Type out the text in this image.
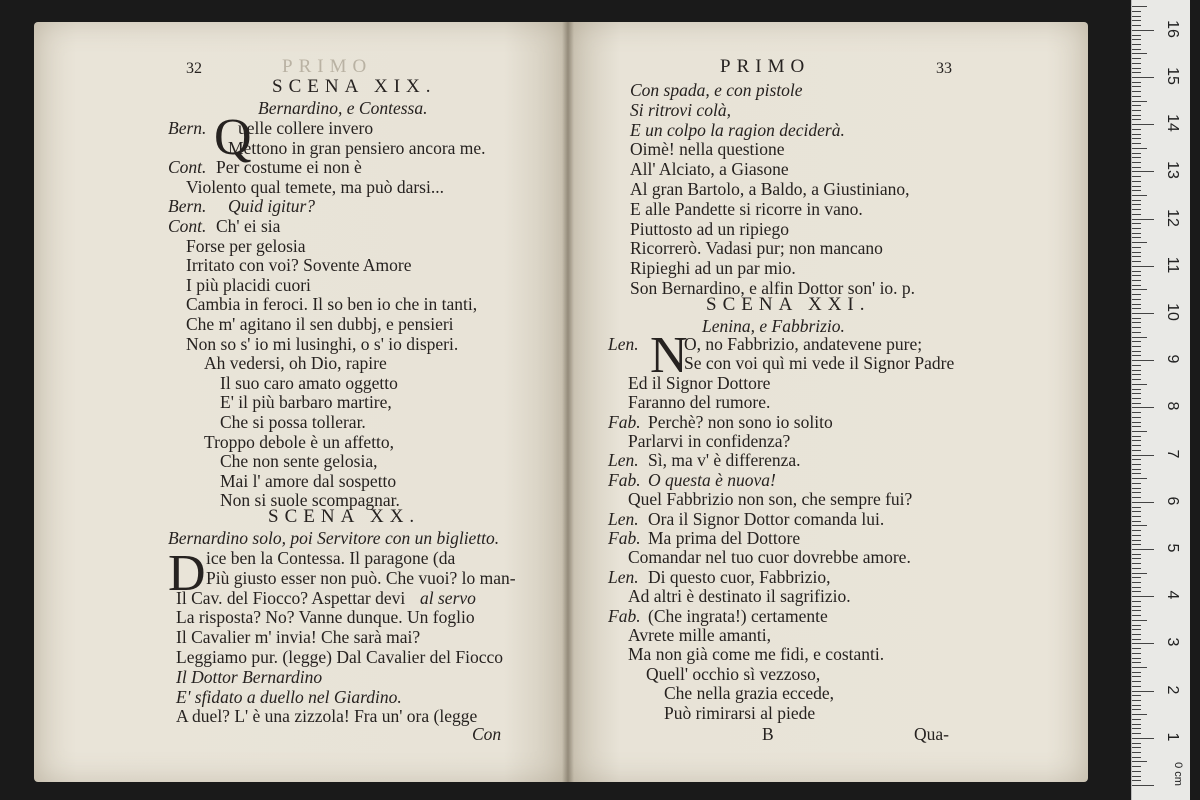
32	PRIMO
SCENA XIX.
Bernardino, e Contessa.
Q
Bern. uelle collere invero
Mettono in gran pensiero ancora me.
Cont. Per costume ei non è
Violento qual temete, ma può darsi...
Bern. Quid igitur?
Cont. Ch' ei sia
Forse per gelosia
Irritato con voi? Sovente Amore
I più placidi cuori
Cambia in feroci. Il so ben io che in tanti,
Che m' agitano il sen dubbj, e pensieri
Non so s' io mi lusinghi, o s' io disperi.
Ah vedersi, oh Dio, rapire
Il suo caro amato oggetto
E' il più barbaro martire,
Che si possa tollerar.
Troppo debole è un affetto,
Che non sente gelosia,
Mai l' amore dal sospetto
Non si suole scompagnar.
SCENA XX.
Bernardino solo, poi Servitore con un biglietto.
D ice ben la Contessa. Il paragone (da
Più giusto esser non può. Che vuoi? lo man-
Il Cav. del Fiocco? Aspettar devi
La risposta? No? Vanne dunque. Un foglio
Il Cavalier m' invia! Che sarà mai?
Leggiamo pur. (legge) Dal Cavalier del Fiocco
Il Dottor Bernardino
E' sfidato a duello nel Giardino.
A duel? L' è una zizzola! Fra un' ora (legge
al servo
Con
PRIMO	33
Con spada, e con pistole
Si ritrovi colà,
E un colpo la ragion deciderà.
Oimè! nella questione
All' Alciato, a Giasone
Al gran Bartolo, a Baldo, a Giustiniano,
E alle Pandette si ricorre in vano.
Piuttosto ad un ripiego
Ricorrerò. Vadasi pur; non mancano
Ripieghi ad un par mio.
Son Bernardino, e alfin Dottor son' io. p.
SCENA XXI.
Lenina, e Fabbrizio.
N
Len.	O, no Fabbrizio, andatevene pure;
Se con voi quì mi vede il Signor Padre
Ed il Signor Dottore
Faranno del rumore.
Fab. Perchè? non sono io solito
Parlarvi in confidenza?
Len. Sì, ma v' è differenza.
Fab. O questa è nuova!
Quel Fabbrizio non son, che sempre fui?
Len. Ora il Signor Dottor comanda lui.
Fab. Ma prima del Dottore
Comandar nel tuo cuor dovrebbe amore.
Len. Di questo cuor, Fabbrizio,
Ad altri è destinato il sagrifizio.
Fab. (Che ingrata!) certamente
Avrete mille amanti,
Ma non già come me fidi, e costanti.
Quell' occhio sì vezzoso,
Che nella grazia eccede,
Può rimirarsi al piede
B	Qua-
0 cm
1
2
3
4
5
6
7
8
9
10
11
12
13
14
15
16
